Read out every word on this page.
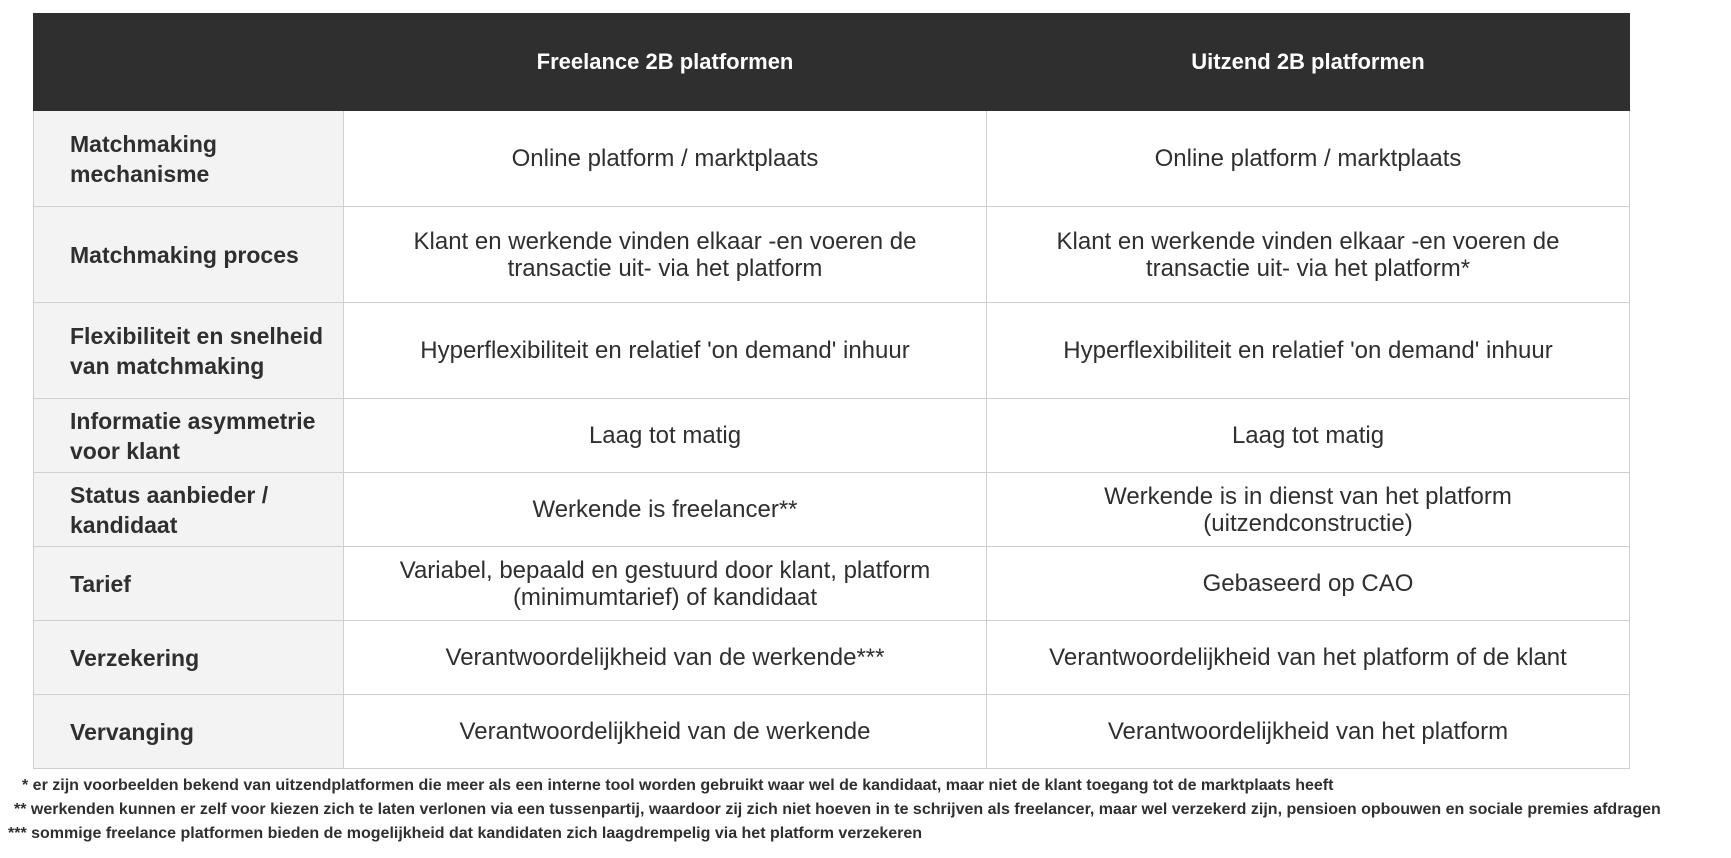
	Freelance 2B platformen	Uitzend 2B platformen
Matchmaking mechanisme	Online platform / marktplaats	Online platform / marktplaats
Matchmaking proces	Klant en werkende vinden elkaar -en voeren de transactie uit- via het platform	Klant en werkende vinden elkaar -en voeren de transactie uit- via het platform*
Flexibiliteit en snelheid van matchmaking	Hyperflexibiliteit en relatief 'on demand' inhuur	Hyperflexibiliteit en relatief 'on demand' inhuur
Informatie asymmetrie voor klant	Laag tot matig	Laag tot matig
Status aanbieder / kandidaat	Werkende is freelancer**	Werkende is in dienst van het platform (uitzendconstructie)
Tarief	Variabel, bepaald en gestuurd door klant, platform (minimumtarief) of kandidaat	Gebaseerd op CAO
Verzekering	Verantwoordelijkheid van de werkende***	Verantwoordelijkheid van het platform of de klant
Vervanging	Verantwoordelijkheid van de werkende	Verantwoordelijkheid van het platform
* er zijn voorbeelden bekend van uitzendplatformen die meer als een interne tool worden gebruikt waar wel de kandidaat, maar niet de klant toegang tot de marktplaats heeft
** werkenden kunnen er zelf voor kiezen zich te laten verlonen via een tussenpartij, waardoor zij zich niet hoeven in te schrijven als freelancer, maar wel verzekerd zijn, pensioen opbouwen en sociale premies afdragen
*** sommige freelance platformen bieden de mogelijkheid dat kandidaten zich laagdrempelig via het platform verzekeren
